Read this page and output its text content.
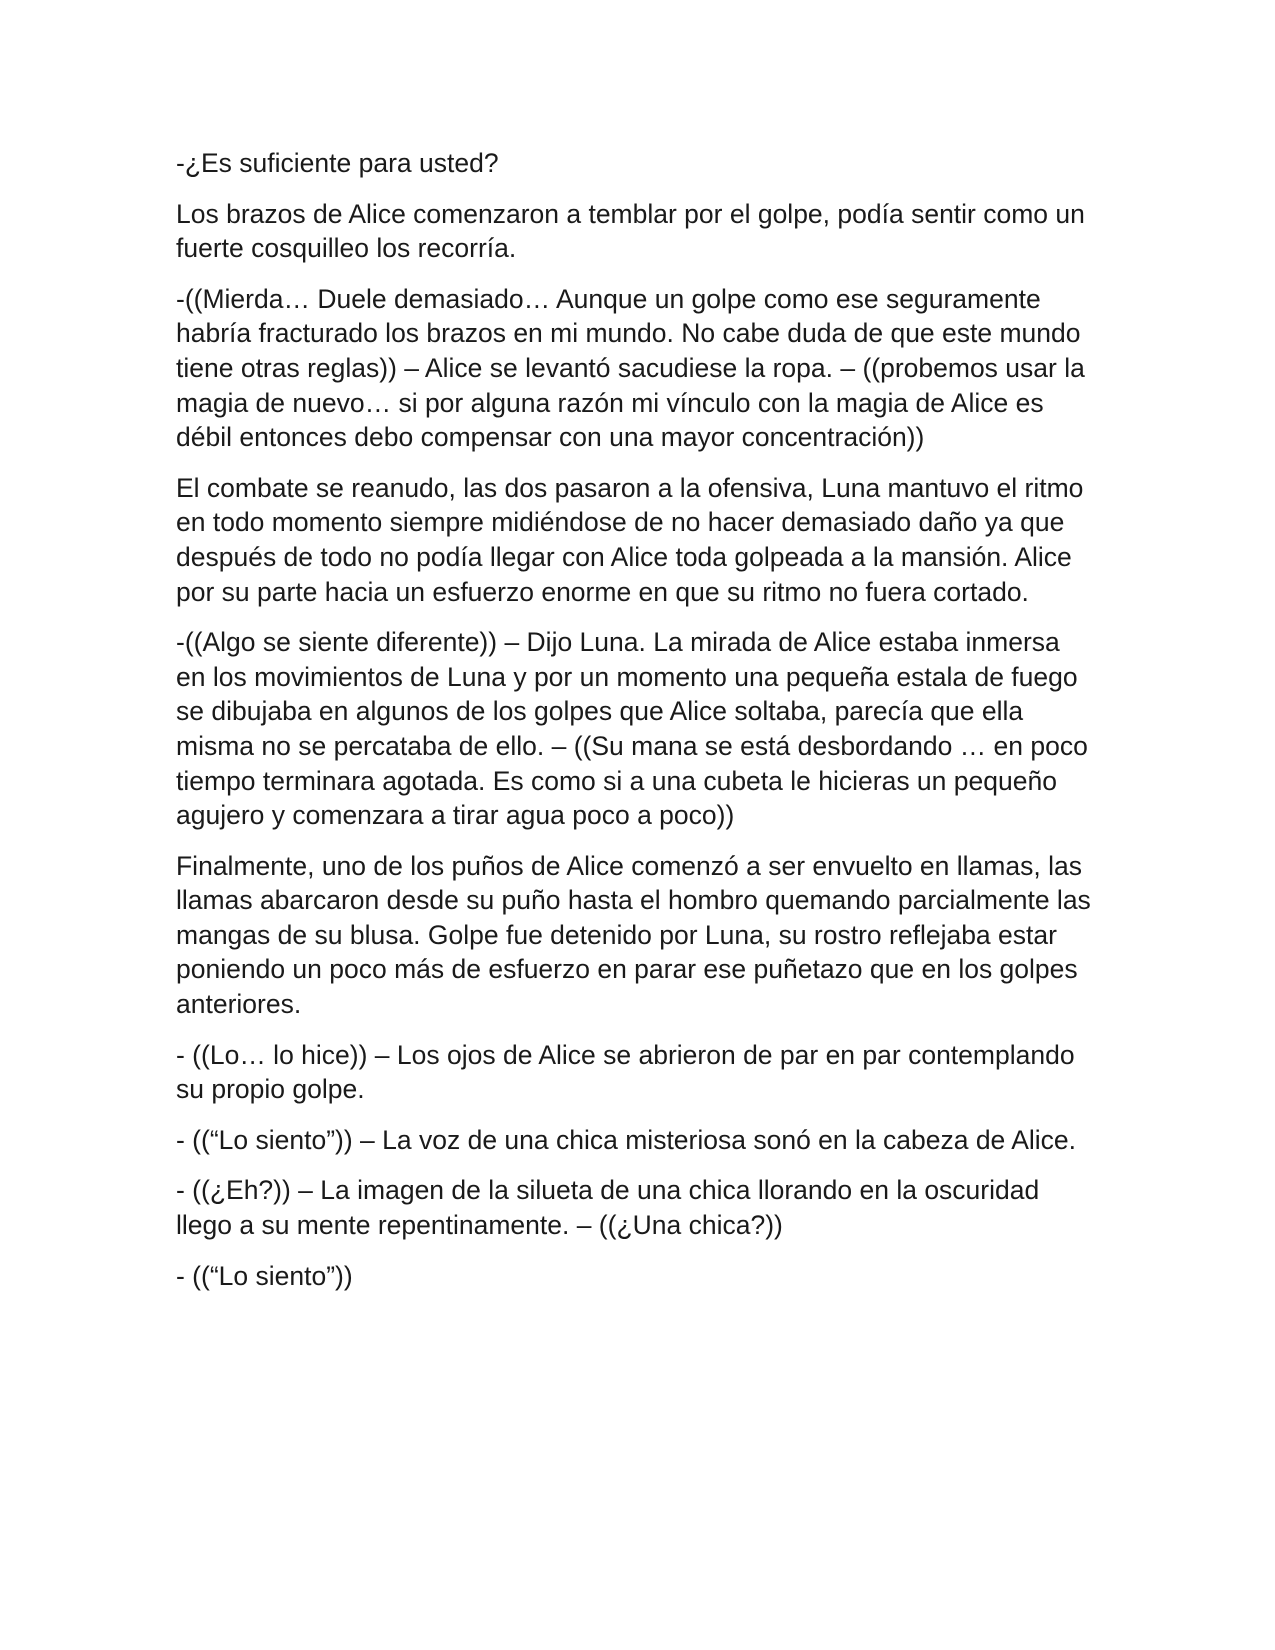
-¿Es suficiente para usted?

Los brazos de Alice comenzaron a temblar por el golpe, podía sentir como un fuerte cosquilleo los recorría.

-((Mierda… Duele demasiado… Aunque un golpe como ese seguramente habría fracturado los brazos en mi mundo. No cabe duda de que este mundo tiene otras reglas)) – Alice se levantó sacudiese la ropa. – ((probemos usar la magia de nuevo… si por alguna razón mi vínculo con la magia de Alice es débil entonces debo compensar con una mayor concentración))

El combate se reanudo, las dos pasaron a la ofensiva, Luna mantuvo el ritmo en todo momento siempre midiéndose de no hacer demasiado daño ya que después de todo no podía llegar con Alice toda golpeada a la mansión. Alice por su parte hacia un esfuerzo enorme en que su ritmo no fuera cortado.

-((Algo se siente diferente)) – Dijo Luna. La mirada de Alice estaba inmersa en los movimientos de Luna y por un momento una pequeña estala de fuego se dibujaba en algunos de los golpes que Alice soltaba, parecía que ella misma no se percataba de ello. – ((Su mana se está desbordando … en poco tiempo terminara agotada. Es como si a una cubeta le hicieras un pequeño agujero y comenzara a tirar agua poco a poco))

Finalmente, uno de los puños de Alice comenzó a ser envuelto en llamas, las llamas abarcaron desde su puño hasta el hombro quemando parcialmente las mangas de su blusa. Golpe fue detenido por Luna, su rostro reflejaba estar poniendo un poco más de esfuerzo en parar ese puñetazo que en los golpes anteriores.

- ((Lo… lo hice)) – Los ojos de Alice se abrieron de par en par contemplando su propio golpe.

- ((“Lo siento”)) – La voz de una chica misteriosa sonó en la cabeza de Alice.

- ((¿Eh?)) – La imagen de la silueta de una chica llorando en la oscuridad llego a su mente repentinamente. – ((¿Una chica?))

- ((“Lo siento”))
